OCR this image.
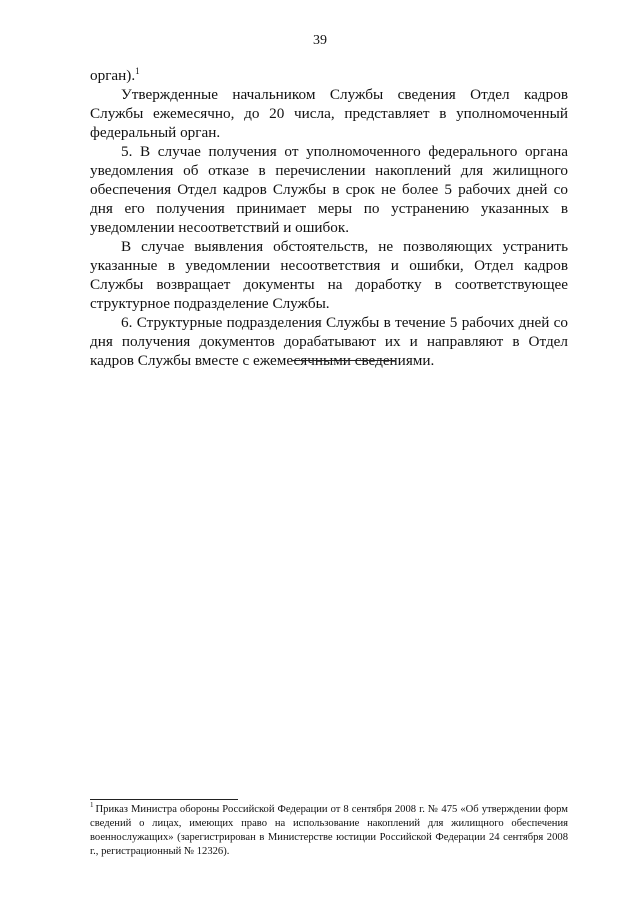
39

орган).$^1$

Утвержденные начальником Службы сведения Отдел кадров Службы ежемесячно, до 20 числа, представляет в уполномоченный федеральный орган.

5. В случае получения от уполномоченного федерального органа уведомления об отказе в перечислении накоплений для жилищного обеспечения Отдел кадров Службы в срок не более 5 рабочих дней со дня его получения принимает меры по устранению указанных в уведомлении несоответствий и ошибок.

В случае выявления обстоятельств, не позволяющих устранить указанные в уведомлении несоответствия и ошибки, Отдел кадров Службы возвращает документы на доработку в соответствующее структурное подразделение Службы.

6. Структурные подразделения Службы в течение 5 рабочих дней со дня получения документов дорабатывают их и направляют в Отдел кадров Службы вместе с ежемесячными сведениями.

$^1$ Приказ Министра обороны Российской Федерации от 8 сентября 2008 г. № 475 «Об утверждении форм сведений о лицах, имеющих право на использование накоплений для жилищного обеспечения военнослужащих» (зарегистрирован в Министерстве юстиции Российской Федерации 24 сентября 2008 г., регистрационный № 12326).
